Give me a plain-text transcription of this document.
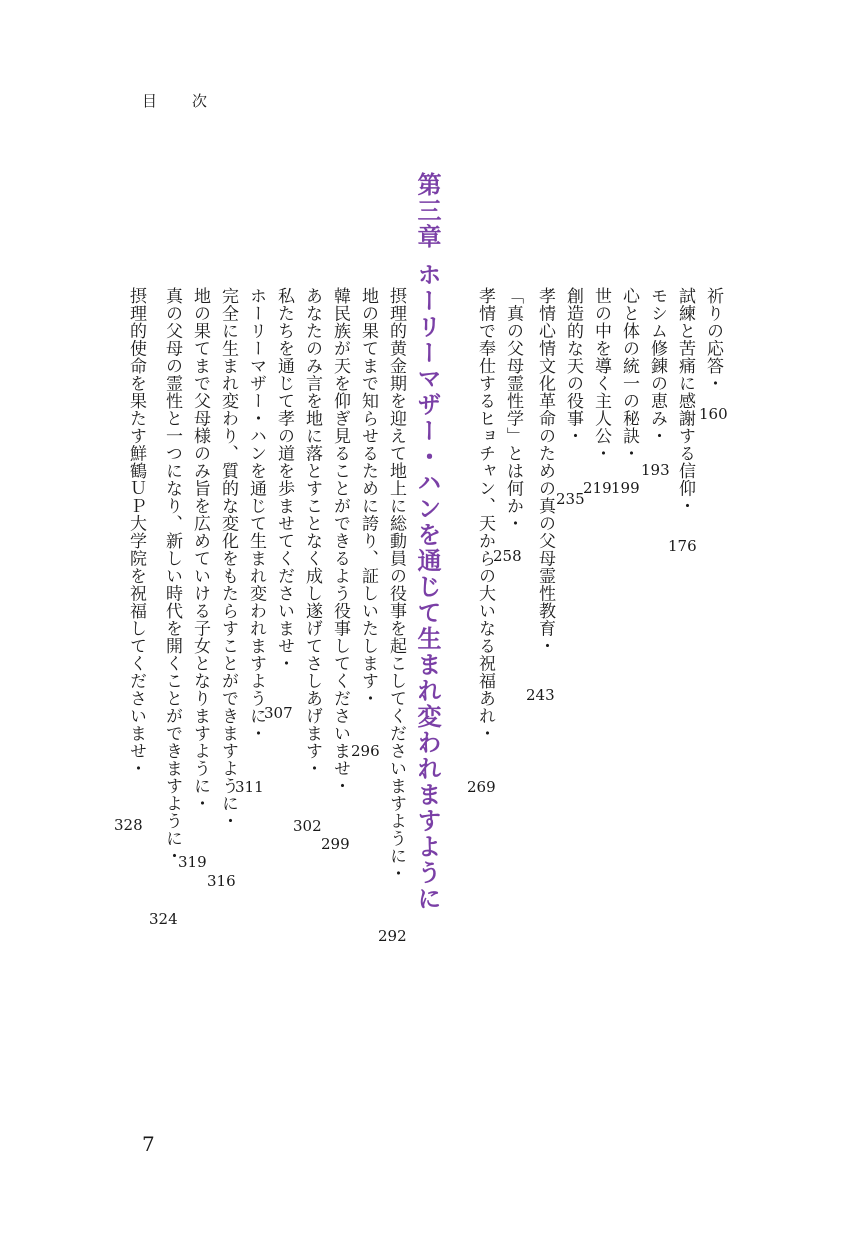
目　次
第三章
ホーリーマザー・ハンを通じて生まれ変われますように	祈りの応答・
160
試練と苦痛に感謝する信仰・
176
モシム修錬の恵み・
193
心と体の統一の秘訣・
199
世の中を導く主人公・
219
創造的な天の役事・
235
孝情心情文化革命のための真の父母霊性教育・
243
「真の父母霊性学」とは何か・
258
孝情で奉仕するヒョチャン、天からの大いなる祝福あれ・
269
摂理的黄金期を迎えて地上に総動員の役事を起こしてくださいますように・
292
地の果てまで知らせるために誇り、証しいたします・
296
韓民族が天を仰ぎ見ることができるよう役事してくださいませ・
299
あなたのみ言を地に落とすことなく成し遂げてさしあげます・
302
私たちを通じて孝の道を歩ませてくださいませ・
307
ホーリーマザー・ハンを通じて生まれ変われますように・
311
完全に生まれ変わり、質的な変化をもたらすことができますように・
316
地の果てまで父母様のみ旨を広めていける子女となりますように・
319
真の父母の霊性と一つになり、新しい時代を開くことができますように・
324
摂理的使命を果たす鮮鶴ＵＰ大学院を祝福してくださいませ・
328
7
